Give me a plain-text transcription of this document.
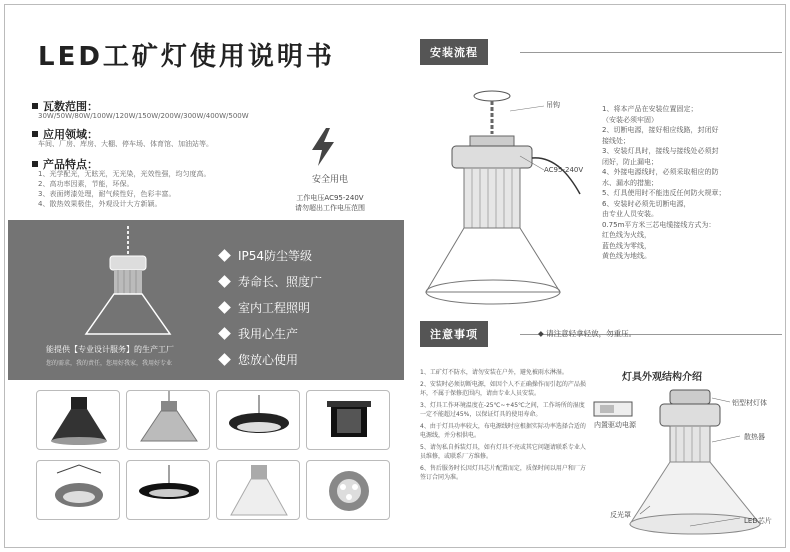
LED工矿灯使用说明书
瓦数范围：
30W/50W/80W/100W/120W/150W/200W/300W/400W/500W
应用领域：
车间、厂房、库房、大棚、停车场、体育馆、加油站等。
产品特点：
1、光学配光，无眩光，无光染，光效性强，均匀度高。
2、高功率因素，节能，环保。
3、表面烤漆处理，耐气候性好，色彩丰富。
4、散热效果极佳，外观设计大方新颖。
安全用电
工作电压AC95-240V
请勿超出工作电压范围
IP54防尘等级
寿命长、照度广
室内工程照明
我用心生产
您放心使用
能提供【专业设计服务】的生产工厂
您的需求，我的责任，您用好我家，我用好专业
安装流程
吊钩
AC95-240V
1、将本产品在安装位置固定；
（安装必须牢固）
2、切断电源，接好相应线路，封闭好
接线处；
3、安装灯具时，接线与接线处必须封
闭好，防止漏电；
4、外接电源线时，必须采取相应的防
水、漏水的措施；
5、灯具使用时不能违反任何防火规章；
6、安装时必须先切断电源，
由专业人员安装。
0.75m平方米三芯电缆接线方式为：
红色线为火线，
蓝色线为零线，
黄色线为地线。
注意事项	◆ 请注意轻拿轻放，勿重压。
1、工矿灯不防水，请勿安装在户外，避免被雨水淋湿。
2、安装时必须切断电源，如因个人不正确操作而引起的产品损坏，不属于保修范围内，请由专业人员安装。
3、灯具工作环境温度在-25℃~+45℃之间，工作场所的湿度一定不能超过45%，以保证灯具的使用寿命。
4、由于灯具功率较大，布电源线时应根据实际功率选择合适的电源线，并分相供电。
5、请勿私自拆装灯具，如有灯具不亮或其它问题请联系专业人员维修，或联系厂方维修。
6、售后服务时长因灯具芯片配置而定，质保时间以用户和厂方签订合同为准。
灯具外观结构介绍
内置驱动电源
铝型材灯体
散热器
反光罩
LED芯片
